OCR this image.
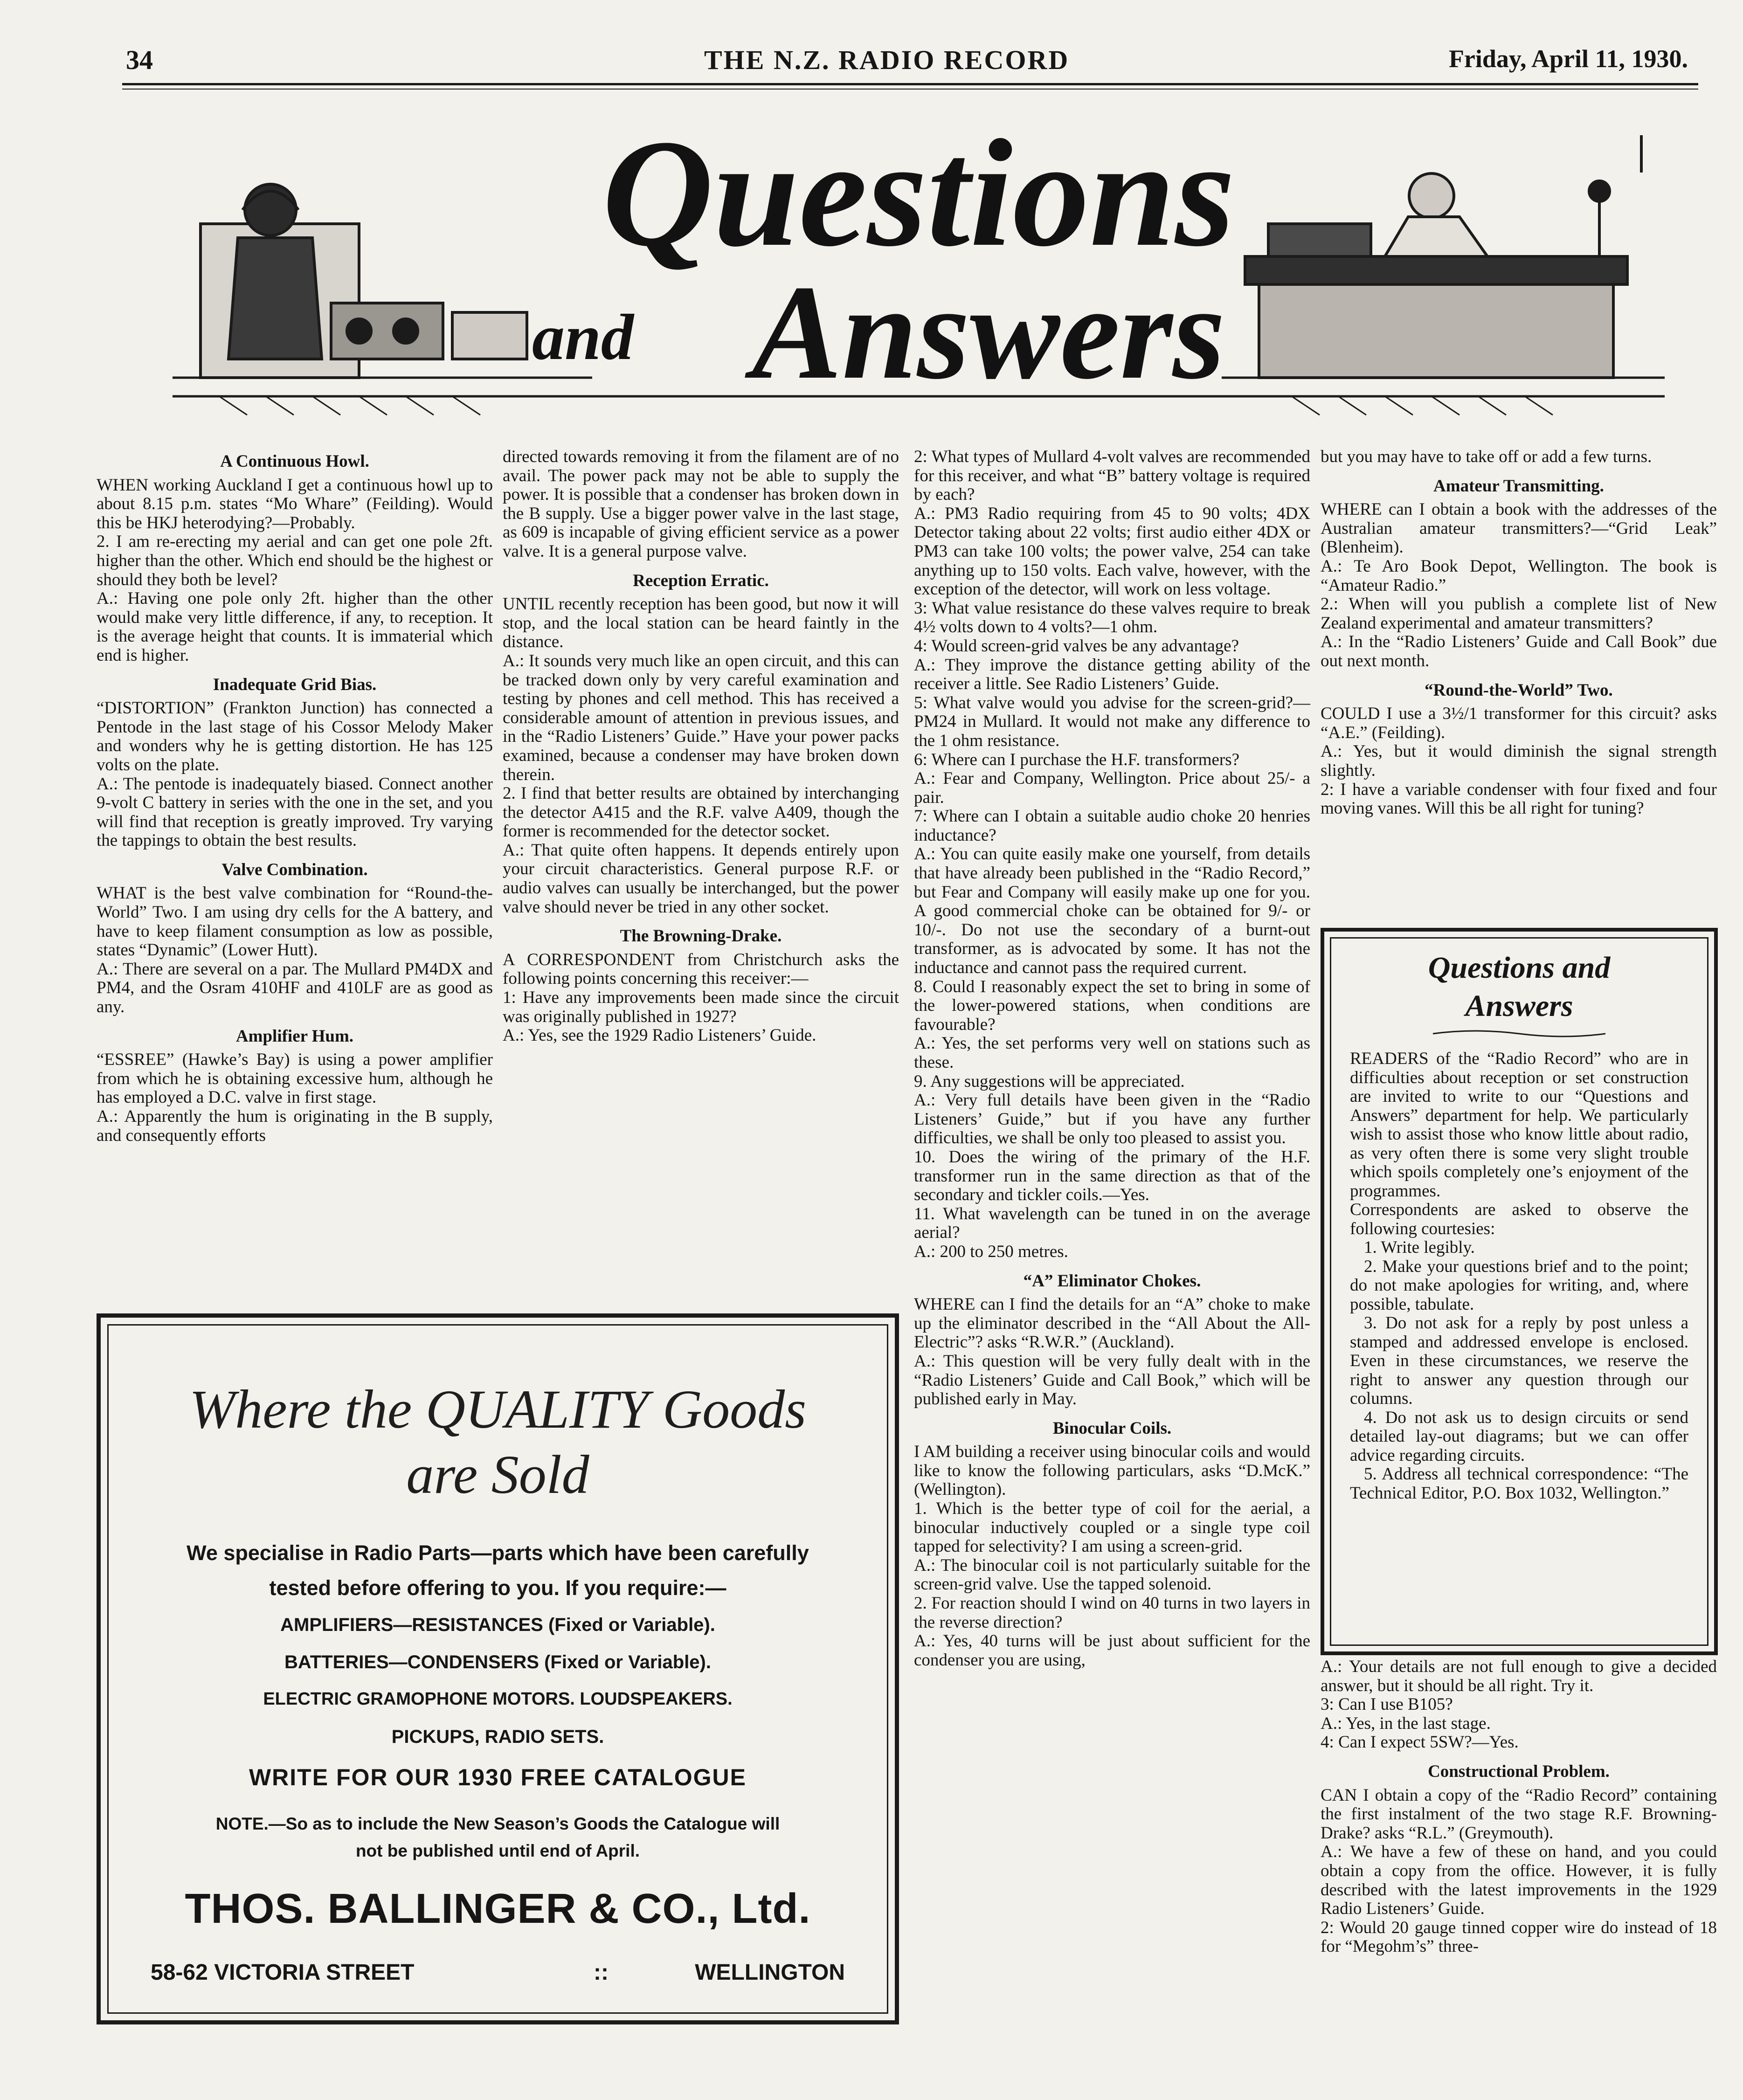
34	THE N.Z. RADIO RECORD	Friday, April 11, 1930.
Questions
and Answers

A Continuous Howl.

WHEN working Auckland I get a continuous howl up to about 8.15 p.m. states “Mo Whare” (Feilding). Would this be HKJ heterodying?—Probably.

2. I am re-erecting my aerial and can get one pole 2ft. higher than the other. Which end should be the highest or should they both be level?

A.: Having one pole only 2ft. higher than the other would make very little difference, if any, to reception. It is the average height that counts. It is immaterial which end is higher.

Inadequate Grid Bias.

“DISTORTION” (Frankton Junction) has connected a Pentode in the last stage of his Cossor Melody Maker and wonders why he is getting distortion. He has 125 volts on the plate.

A.: The pentode is inadequately biased. Connect another 9-volt C battery in series with the one in the set, and you will find that reception is greatly improved. Try varying the tappings to obtain the best results.

Valve Combination.

WHAT is the best valve combination for “Round-the-World” Two. I am using dry cells for the A battery, and have to keep filament consumption as low as possible, states “Dynamic” (Lower Hutt).

A.: There are several on a par. The Mullard PM4DX and PM4, and the Osram 410HF and 410LF are as good as any.

Amplifier Hum.

“ESSREE” (Hawke’s Bay) is using a power amplifier from which he is obtaining excessive hum, although he has employed a D.C. valve in first stage.

A.: Apparently the hum is originating in the B supply, and consequently efforts

directed towards removing it from the filament are of no avail. The power pack may not be able to supply the power. It is possible that a condenser has broken down in the B supply. Use a bigger power valve in the last stage, as 609 is incapable of giving efficient service as a power valve. It is a general purpose valve.

Reception Erratic.

UNTIL recently reception has been good, but now it will stop, and the local station can be heard faintly in the distance.

A.: It sounds very much like an open circuit, and this can be tracked down only by very careful examination and testing by phones and cell method. This has received a considerable amount of attention in previous issues, and in the “Radio Listeners’ Guide.” Have your power packs examined, because a condenser may have broken down therein.

2. I find that better results are obtained by interchanging the detector A415 and the R.F. valve A409, though the former is recommended for the detector socket.

A.: That quite often happens. It depends entirely upon your circuit characteristics. General purpose R.F. or audio valves can usually be interchanged, but the power valve should never be tried in any other socket.

The Browning-Drake.

A CORRESPONDENT from Christchurch asks the following points concerning this receiver:—

1: Have any improvements been made since the circuit was originally published in 1927?

A.: Yes, see the 1929 Radio Listeners’ Guide.

2: What types of Mullard 4-volt valves are recommended for this receiver, and what “B” battery voltage is required by each?

A.: PM3 Radio requiring from 45 to 90 volts; 4DX Detector taking about 22 volts; first audio either 4DX or PM3 can take 100 volts; the power valve, 254 can take anything up to 150 volts. Each valve, however, with the exception of the detector, will work on less voltage.

3: What value resistance do these valves require to break 4½ volts down to 4 volts?—1 ohm.

4: Would screen-grid valves be any advantage?

A.: They improve the distance getting ability of the receiver a little. See Radio Listeners’ Guide.

5: What valve would you advise for the screen-grid?—PM24 in Mullard. It would not make any difference to the 1 ohm resistance.

6: Where can I purchase the H.F. transformers?

A.: Fear and Company, Wellington. Price about 25/- a pair.

7: Where can I obtain a suitable audio choke 20 henries inductance?

A.: You can quite easily make one yourself, from details that have already been published in the “Radio Record,” but Fear and Company will easily make up one for you. A good commercial choke can be obtained for 9/- or 10/-. Do not use the secondary of a burnt-out transformer, as is advocated by some. It has not the inductance and cannot pass the required current.

8. Could I reasonably expect the set to bring in some of the lower-powered stations, when conditions are favourable?

A.: Yes, the set performs very well on stations such as these.

9. Any suggestions will be appreciated.

A.: Very full details have been given in the “Radio Listeners’ Guide,” but if you have any further difficulties, we shall be only too pleased to assist you.

10. Does the wiring of the primary of the H.F. transformer run in the same direction as that of the secondary and tickler coils.—Yes.

11. What wavelength can be tuned in on the average aerial?

A.: 200 to 250 metres.

“A” Eliminator Chokes.

WHERE can I find the details for an “A” choke to make up the eliminator described in the “All About the All-Electric”? asks “R.W.R.” (Auckland).

A.: This question will be very fully dealt with in the “Radio Listeners’ Guide and Call Book,” which will be published early in May.

Binocular Coils.

I AM building a receiver using binocular coils and would like to know the following particulars, asks “D.McK.” (Wellington).

1. Which is the better type of coil for the aerial, a binocular inductively coupled or a single type coil tapped for selectivity? I am using a screen-grid.

A.: The binocular coil is not particularly suitable for the screen-grid valve. Use the tapped solenoid.

2. For reaction should I wind on 40 turns in two layers in the reverse direction?

A.: Yes, 40 turns will be just about sufficient for the condenser you are using,

but you may have to take off or add a few turns.

Amateur Transmitting.

WHERE can I obtain a book with the addresses of the Australian amateur transmitters?—“Grid Leak” (Blenheim).

A.: Te Aro Book Depot, Wellington. The book is “Amateur Radio.”

2.: When will you publish a complete list of New Zealand experimental and amateur transmitters?

A.: In the “Radio Listeners’ Guide and Call Book” due out next month.

“Round-the-World” Two.

COULD I use a 3½/1 transformer for this circuit? asks “A.E.” (Feilding).

A.: Yes, but it would diminish the signal strength slightly.

2: I have a variable condenser with four fixed and four moving vanes. Will this be all right for tuning?

Questions and
Answers

READERS of the “Radio Record” who are in difficulties about reception or set construction are invited to write to our “Questions and Answers” department for help. We particularly wish to assist those who know little about radio, as very often there is some very slight trouble which spoils completely one’s enjoyment of the programmes.

Correspondents are asked to observe the following courtesies:

1. Write legibly.

2. Make your questions brief and to the point; do not make apologies for writing, and, where possible, tabulate.

3. Do not ask for a reply by post unless a stamped and addressed envelope is enclosed. Even in these circumstances, we reserve the right to answer any question through our columns.

4. Do not ask us to design circuits or send detailed lay-out diagrams; but we can offer advice regarding circuits.

5. Address all technical correspondence: “The Technical Editor, P.O. Box 1032, Wellington.”

A.: Your details are not full enough to give a decided answer, but it should be all right. Try it.

3: Can I use B105?

A.: Yes, in the last stage.

4: Can I expect 5SW?—Yes.

Constructional Problem.

CAN I obtain a copy of the “Radio Record” containing the first instalment of the two stage R.F. Browning-Drake? asks “R.L.” (Greymouth).

A.: We have a few of these on hand, and you could obtain a copy from the office. However, it is fully described with the latest improvements in the 1929 Radio Listeners’ Guide.

2: Would 20 gauge tinned copper wire do instead of 18 for “Megohm’s” three-

Where the QUALITY Goods
are Sold
We specialise in Radio Parts—parts which have been carefully
tested before offering to you. If you require:—
AMPLIFIERS—RESISTANCES (Fixed or Variable).
BATTERIES—CONDENSERS (Fixed or Variable).
ELECTRIC GRAMOPHONE MOTORS. LOUDSPEAKERS.
WRITE FOR OUR 1930 FREE CATALOGUE
NOTE.—So as to include the New Season’s Goods the Catalogue will
not be published until end of April.
THOS. BALLINGER & CO., Ltd.
58-62 VICTORIA STREET	::	WELLINGTON
PICKUPS, RADIO SETS.
